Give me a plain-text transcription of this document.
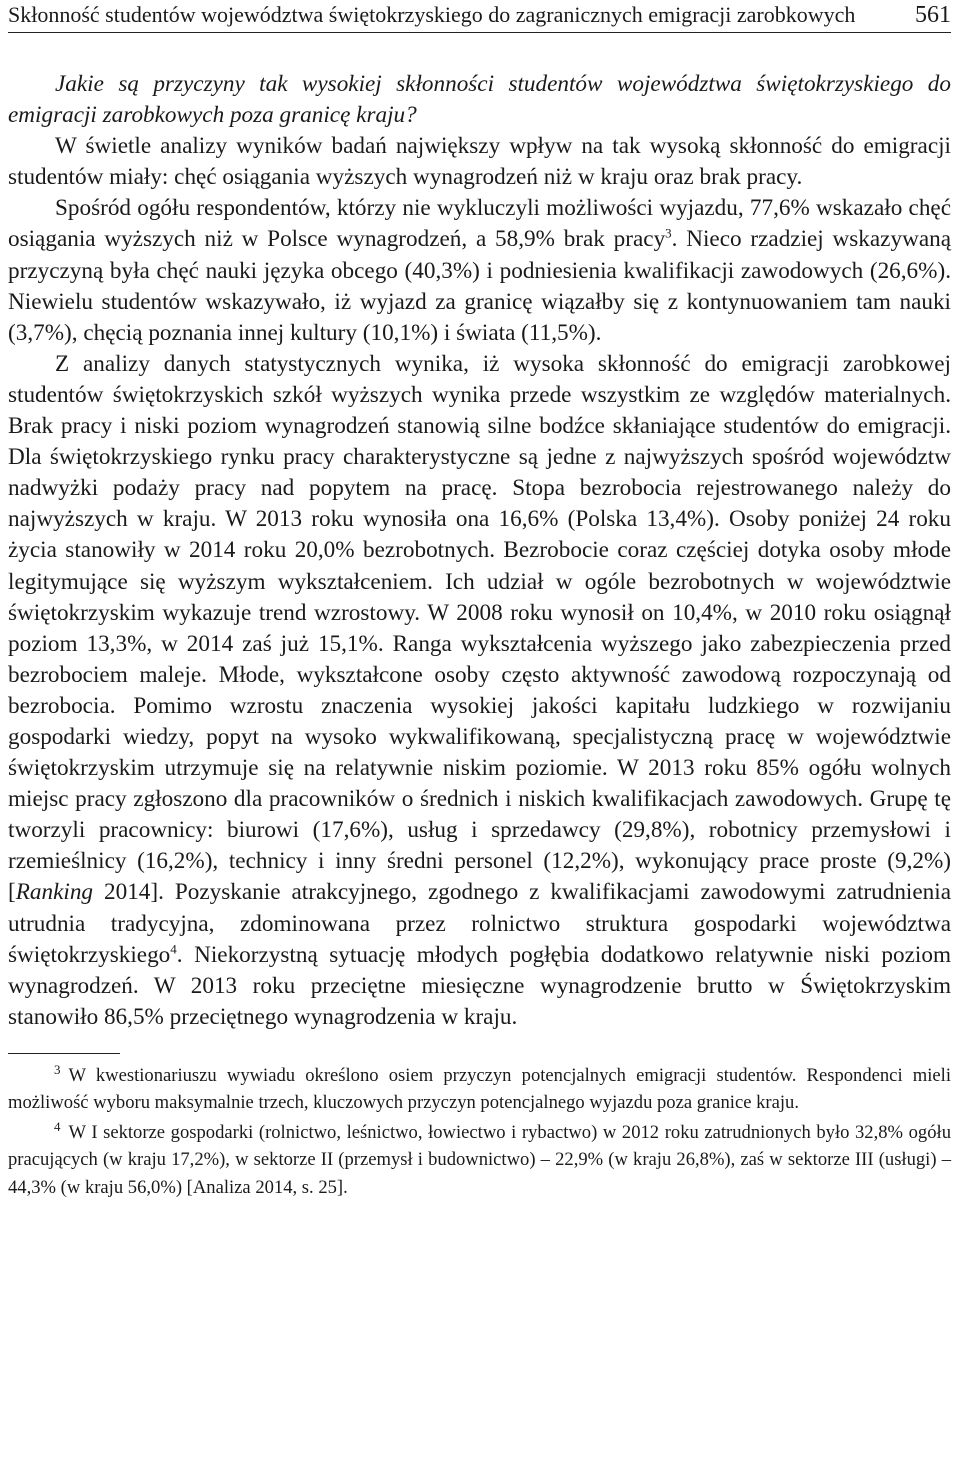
Skłonność studentów województwa świętokrzyskiego do zagranicznych emigracji zarobkowych 561

Jakie są przyczyny tak wysokiej skłonności studentów województwa świętokrzyskiego do emigracji zarobkowych poza granicę kraju?

W świetle analizy wyników badań największy wpływ na tak wysoką skłonność do emigracji studentów miały: chęć osiągania wyższych wynagrodzeń niż w kraju oraz brak pracy.

Spośród ogółu respondentów, którzy nie wykluczyli możliwości wyjazdu, 77,6% wskazało chęć osiągania wyższych niż w Polsce wynagrodzeń, a 58,9% brak pracy$^3$. Nieco rzadziej wskazywaną przyczyną była chęć nauki języka obcego (40,3%) i podniesienia kwalifikacji zawodowych (26,6%). Niewielu studentów wskazywało, iż wyjazd za granicę wiązałby się z kontynuowaniem tam nauki (3,7%), chęcią poznania innej kultury (10,1%) i świata (11,5%).

Z analizy danych statystycznych wynika, iż wysoka skłonność do emigracji zarobkowej studentów świętokrzyskich szkół wyższych wynika przede wszystkim ze względów materialnych. Brak pracy i niski poziom wynagrodzeń stanowią silne bodźce skłaniające studentów do emigracji. Dla świętokrzyskiego rynku pracy charakterystyczne są jedne z najwyższych spośród województw nadwyżki podaży pracy nad popytem na pracę. Stopa bezrobocia rejestrowanego należy do najwyższych w kraju. W 2013 roku wynosiła ona 16,6% (Polska 13,4%). Osoby poniżej 24 roku życia stanowiły w 2014 roku 20,0% bezrobotnych. Bezrobocie coraz częściej dotyka osoby młode legitymujące się wyższym wykształceniem. Ich udział w ogóle bezrobotnych w województwie świętokrzyskim wykazuje trend wzrostowy. W 2008 roku wynosił on 10,4%, w 2010 roku osiągnął poziom 13,3%, w 2014 zaś już 15,1%. Ranga wykształcenia wyższego jako zabezpieczenia przed bezrobociem maleje. Młode, wykształcone osoby często aktywność zawodową rozpoczynają od bezrobocia. Pomimo wzrostu znaczenia wysokiej jakości kapitału ludzkiego w rozwijaniu gospodarki wiedzy, popyt na wysoko wykwalifikowaną, specjalistyczną pracę w województwie świętokrzyskim utrzymuje się na relatywnie niskim poziomie. W 2013 roku 85% ogółu wolnych miejsc pracy zgłoszono dla pracowników o średnich i niskich kwalifikacjach zawodowych. Grupę tę tworzyli pracownicy: biurowi (17,6%), usług i sprzedawcy (29,8%), robotnicy przemysłowi i rzemieślnicy (16,2%), technicy i inny średni personel (12,2%), wykonujący prace proste (9,2%) [Ranking 2014]. Pozyskanie atrakcyjnego, zgodnego z kwalifikacjami zawodowymi zatrudnienia utrudnia tradycyjna, zdominowana przez rolnictwo struktura gospodarki województwa świętokrzyskiego$^4$. Niekorzystną sytuację młodych pogłębia dodatkowo relatywnie niski poziom wynagrodzeń. W 2013 roku przeciętne miesięczne wynagrodzenie brutto w Świętokrzyskim stanowiło 86,5% przeciętnego wynagrodzenia w kraju.

$^3$ W kwestionariuszu wywiadu określono osiem przyczyn potencjalnych emigracji studentów. Respondenci mieli możliwość wyboru maksymalnie trzech, kluczowych przyczyn potencjalnego wyjazdu poza granice kraju.

$^4$ W I sektorze gospodarki (rolnictwo, leśnictwo, łowiectwo i rybactwo) w 2012 roku zatrudnionych było 32,8% ogółu pracujących (w kraju 17,2%), w sektorze II (przemysł i budownictwo) – 22,9% (w kraju 26,8%), zaś w sektorze III (usługi) – 44,3% (w kraju 56,0%) [Analiza 2014, s. 25].
